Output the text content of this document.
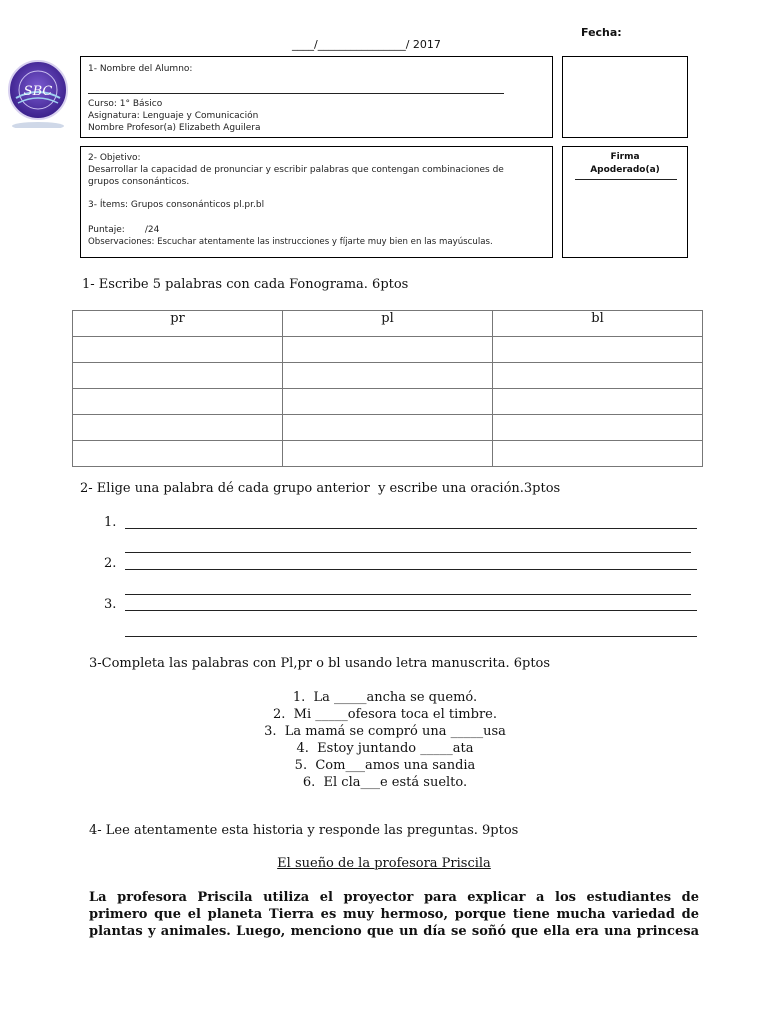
Fecha:
____/________________/ 2017
SBC
1- Nombre del Alumno:
Curso: 1° Básico
Asignatura: Lenguaje y Comunicación
Nombre Profesor(a) Elizabeth Aguilera
2- Objetivo:
Desarrollar la capacidad de pronunciar y escribir palabras que contengan combinaciones de
grupos consonánticos.
3- Ítems: Grupos consonánticos pl.pr.bl
Puntaje:       /24
Observaciones: Escuchar atentamente las instrucciones y fíjarte muy bien en las mayúsculas.
Firma
Apoderado(a)
1- Escribe 5 palabras con cada Fonograma. 6ptos
pr	pl	bl

2- Elige una palabra dé cada grupo anterior  y escribe una oración.3ptos
1.
2.
3.
3-Completa las palabras con Pl,pr o bl usando letra manuscrita. 6ptos
1.  La _____ancha se quemó.
2.  Mi _____ofesora toca el timbre.
3.  La mamá se compró una _____usa
4.  Estoy juntando _____ata
5.  Com___amos una sandia
6.  El cla___e está suelto.
4- Lee atentamente esta historia y responde las preguntas. 9ptos
El sueño de la profesora Priscila
La profesora Priscila utiliza el proyector para explicar a los estudiantes de
primero que el planeta Tierra es muy hermoso, porque tiene mucha variedad de
plantas y animales. Luego, menciono que un día se soñó que ella era una princesa
